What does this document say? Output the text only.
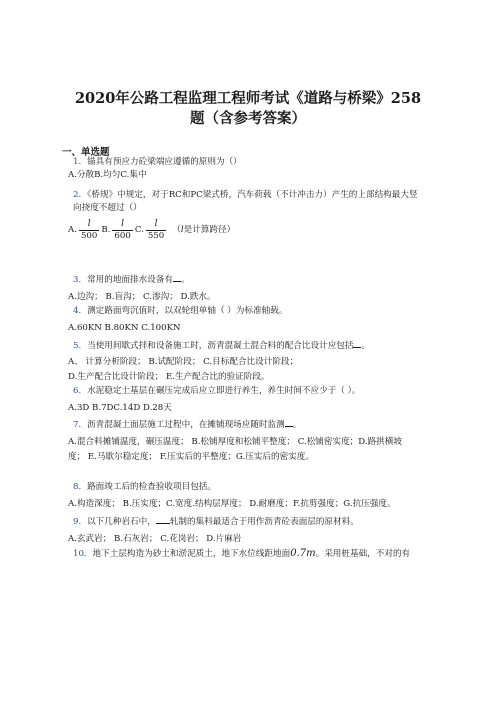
2020年公路工程监理工程师考试《道路与桥梁》258
题（含参考答案）
一、单选题

1．锚具有预应力砼梁端应遵循的原则为（）

A.分散B.均匀C.集中

2．《桥规》中规定，对于RC和PC梁式桥，汽车荷载（不计冲击力）产生的上部结构最大竖向挠度不超过（）

A. $\frac{l}{500} B$. $\frac{l}{600} C$. $\frac{l}{550} (l$是计算跨径）

3．常用的地面排水设备有 。

A.边沟； B.盲沟； C.渗沟； D.跌水。

4．测定路面弯沉值时，以双轮组单轴（ ）为标准轴载。

A.60KN B.80KN C.100KN

5．当使用间歇式拌和设备施工时，沥青混凝土混合料的配合比设计应包括 。

A、 计算分析阶段； B.试配阶段； C.目标配合比设计阶段；

D.生产配合比设计阶段； E.生产配合比的验证阶段。

6．水泥稳定土基层在碾压完成后应立即进行养生，养生时间不应少于（ ）。

A.3D B.7DC.14D D.28天

7．沥青混凝土面层施工过程中，在摊铺现场应随时监测 。

A.混合料摊铺温度，碾压温度； B.松铺厚度和松铺平整度； C.松铺密实度；D.路拱横坡度； E.马歇尔稳定度； F.压实后的平整度；G.压实后的密实度。

8．路面竣工后的检查验收项目包括。

A.构造深度； B.压实度；C.宽度.结构层厚度； D.耐磨度；F.抗剪强度；G.抗压强度。

9．以下几种岩石中， 轧制的集料最适合于用作沥青砼表面层的原材料。

A.玄武岩； B.石灰岩； C.花岗岩； D.片麻岩

10．地下土层构造为砂土和淤泥质土，地下水位线距地面0.7m。采用桩基础，不对的有
